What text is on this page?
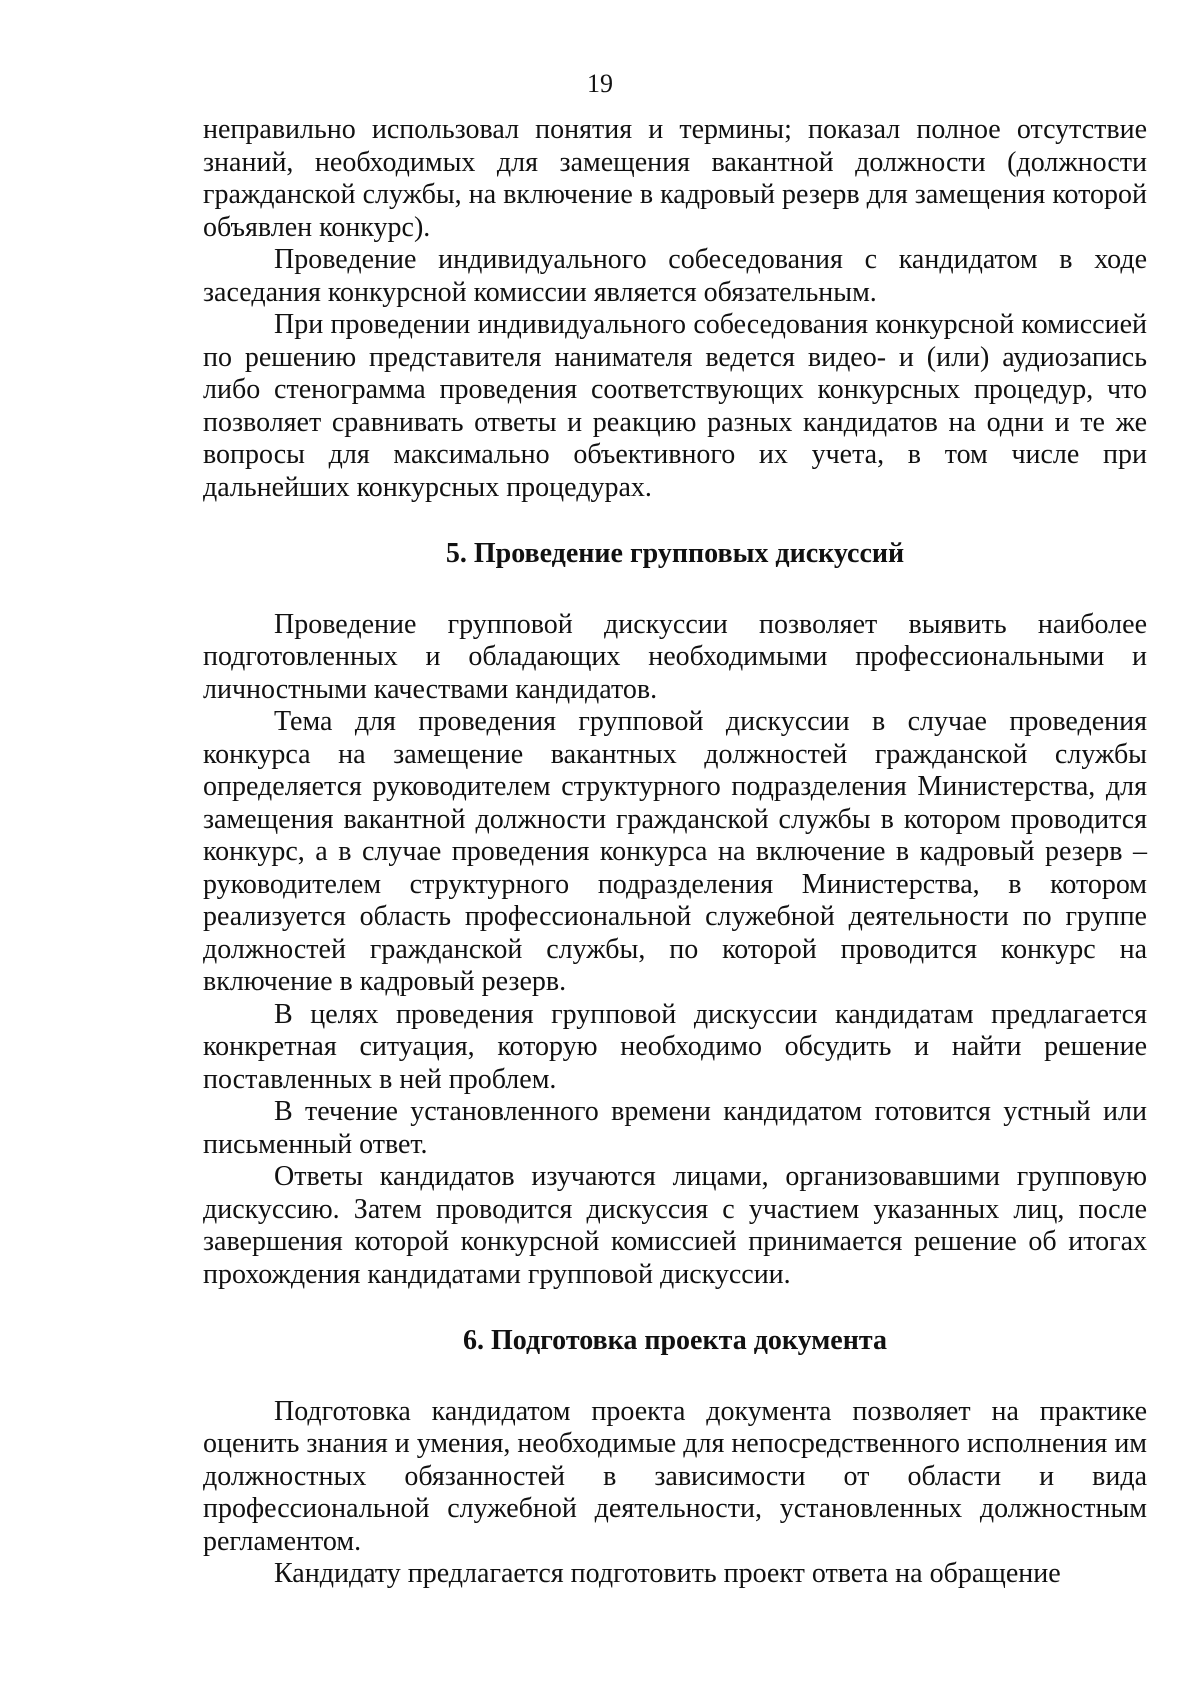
19

неправильно использовал понятия и термины; показал полное отсутствие знаний, необходимых для замещения вакантной должности (должности гражданской службы, на включение в кадровый резерв для замещения которой объявлен конкурс).

Проведение индивидуального собеседования с кандидатом в ходе заседания конкурсной комиссии является обязательным.

При проведении индивидуального собеседования конкурсной комиссией по решению представителя нанимателя ведется видео- и (или) аудиозапись либо стенограмма проведения соответствующих конкурсных процедур, что позволяет сравнивать ответы и реакцию разных кандидатов на одни и те же вопросы для максимально объективного их учета, в том числе при дальнейших конкурсных процедурах.

5. Проведение групповых дискуссий

Проведение групповой дискуссии позволяет выявить наиболее подготовленных и обладающих необходимыми профессиональными и личностными качествами кандидатов.

Тема для проведения групповой дискуссии в случае проведения конкурса на замещение вакантных должностей гражданской службы определяется руководителем структурного подразделения Министерства, для замещения вакантной должности гражданской службы в котором проводится конкурс, а в случае проведения конкурса на включение в кадровый резерв – руководителем структурного подразделения Министерства, в котором реализуется область профессиональной служебной деятельности по группе должностей гражданской службы, по которой проводится конкурс на включение в кадровый резерв.

В целях проведения групповой дискуссии кандидатам предлагается конкретная ситуация, которую необходимо обсудить и найти решение поставленных в ней проблем.

В течение установленного времени кандидатом готовится устный или письменный ответ.

Ответы кандидатов изучаются лицами, организовавшими групповую дискуссию. Затем проводится дискуссия с участием указанных лиц, после завершения которой конкурсной комиссией принимается решение об итогах прохождения кандидатами групповой дискуссии.

6. Подготовка проекта документа

Подготовка кандидатом проекта документа позволяет на практике оценить знания и умения, необходимые для непосредственного исполнения им должностных обязанностей в зависимости от области и вида профессиональной служебной деятельности, установленных должностным регламентом.

Кандидату предлагается подготовить проект ответа на обращение
